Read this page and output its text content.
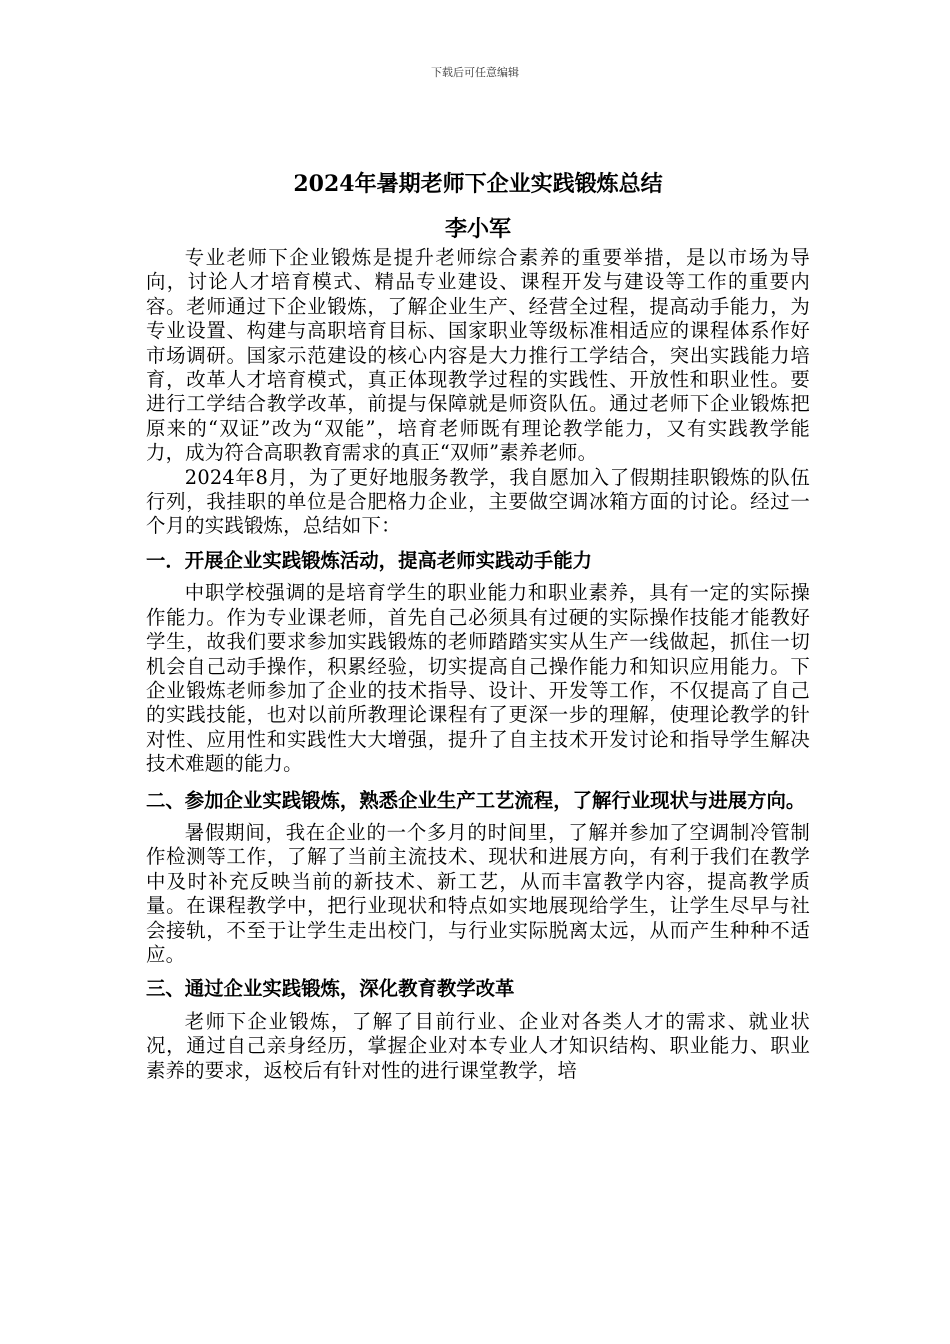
下载后可任意编辑
2024年暑期老师下企业实践锻炼总结
李小军

专业老师下企业锻炼是提升老师综合素养的重要举措，是以市场为导向，讨论人才培育模式、精品专业建设、课程开发与建设等工作的重要内容。老师通过下企业锻炼，了解企业生产、经营全过程，提高动手能力，为专业设置、构建与高职培育目标、国家职业等级标准相适应的课程体系作好市场调研。国家示范建设的核心内容是大力推行工学结合，突出实践能力培育，改革人才培育模式，真正体现教学过程的实践性、开放性和职业性。要进行工学结合教学改革，前提与保障就是师资队伍。通过老师下企业锻炼把原来的“双证”改为“双能”，培育老师既有理论教学能力，又有实践教学能力，成为符合高职教育需求的真正“双师”素养老师。

2024年8月，为了更好地服务教学，我自愿加入了假期挂职锻炼的队伍行列，我挂职的单位是合肥格力企业，主要做空调冰箱方面的讨论。经过一个月的实践锻炼，总结如下：

一．开展企业实践锻炼活动，提高老师实践动手能力

中职学校强调的是培育学生的职业能力和职业素养，具有一定的实际操作能力。作为专业课老师，首先自己必须具有过硬的实际操作技能才能教好学生，故我们要求参加实践锻炼的老师踏踏实实从生产一线做起，抓住一切机会自己动手操作，积累经验，切实提高自己操作能力和知识应用能力。下企业锻炼老师参加了企业的技术指导、设计、开发等工作，不仅提高了自己的实践技能，也对以前所教理论课程有了更深一步的理解，使理论教学的针对性、应用性和实践性大大增强，提升了自主技术开发讨论和指导学生解决技术难题的能力。

二、参加企业实践锻炼，熟悉企业生产工艺流程，了解行业现状与进展方向。

暑假期间，我在企业的一个多月的时间里，了解并参加了空调制冷管制作检测等工作，了解了当前主流技术、现状和进展方向，有利于我们在教学中及时补充反映当前的新技术、新工艺，从而丰富教学内容，提高教学质量。在课程教学中，把行业现状和特点如实地展现给学生，让学生尽早与社会接轨，不至于让学生走出校门，与行业实际脱离太远，从而产生种种不适应。

三、通过企业实践锻炼，深化教育教学改革

老师下企业锻炼，了解了目前行业、企业对各类人才的需求、就业状况，通过自己亲身经历，掌握企业对本专业人才知识结构、职业能力、职业素养的要求，返校后有针对性的进行课堂教学，培
